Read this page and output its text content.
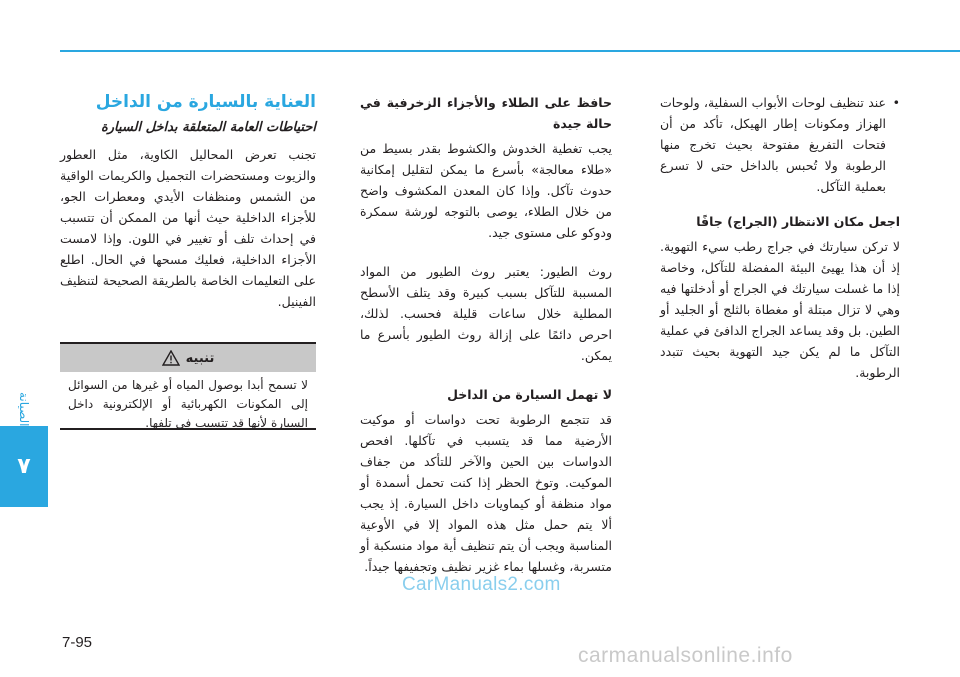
الصيانة
٧
• عند تنظيف لوحات الأبواب السفلية، ولوحات الهزاز ومكونات إطار الهيكل، تأكد من أن فتحات التفريغ مفتوحة بحيث تخرج منها الرطوبة ولا تُحبس بالداخل حتى لا تسرع بعملية التآكل.
اجعل مكان الانتظار (الجراج) جافًا

لا تركن سيارتك في جراج رطب سيء التهوية. إذ أن هذا يهيئ البيئة المفضلة للتآكل، وخاصة إذا ما غسلت سيارتك في الجراج أو أدخلتها فيه وهي لا تزال مبتلة أو مغطاة بالثلج أو الجليد أو الطين. بل وقد يساعد الجراج الدافئ في عملية التآكل ما لم يكن جيد التهوية بحيث تتبدد الرطوبة.

حافظ على الطلاء والأجزاء الزخرفية في حالة جيدة

يجب تغطية الخدوش والكشوط بقدر بسيط من «طلاء معالجة» بأسرع ما يمكن لتقليل إمكانية حدوث تآكل. وإذا كان المعدن المكشوف واضح من خلال الطلاء، يوصى بالتوجه لورشة سمكرة ودوكو على مستوى جيد.

روث الطيور: يعتبر روث الطيور من المواد المسببة للتآكل بسبب كبيرة وقد يتلف الأسطح المطلية خلال ساعات قليلة فحسب. لذلك، احرص دائمًا على إزالة روث الطيور بأسرع ما يمكن.

لا تهمل السيارة من الداخل

قد تتجمع الرطوبة تحت دواسات أو موكيت الأرضية مما قد يتسبب في تآكلها. افحص الدواسات بين الحين والآخر للتأكد من جفاف الموكيت. وتوخ الحظر إذا كنت تحمل أسمدة أو مواد منظفة أو كيماويات داخل السيارة. إذ يجب ألا يتم حمل مثل هذه المواد إلا في الأوعية المناسبة ويجب أن يتم تنظيف أية مواد منسكبة أو متسربة، وغسلها بماء غزير نظيف وتجفيفها جيداً.

العناية بالسيارة من الداخل
احتياطات العامة المتعلقة بداخل السيارة

تجنب تعرض المحاليل الكاوية، مثل العطور والزيوت ومستحضرات التجميل والكريمات الواقية من الشمس ومنظفات الأيدي ومعطرات الجو، للأجزاء الداخلية حيث أنها من الممكن أن تتسبب في إحداث تلف أو تغيير في اللون. وإذا لامست الأجزاء الداخلية، فعليك مسحها في الحال. اطلع على التعليمات الخاصة بالطريقة الصحيحة لتنظيف الفينيل.

تنبيه
لا تسمح أبدا بوصول المياه أو غيرها من السوائل إلى المكونات الكهربائية أو الإلكترونية داخل السيارة لأنها قد تتسبب في تلفها.
CarManuals2.com
7-95
carmanualsonline.info
